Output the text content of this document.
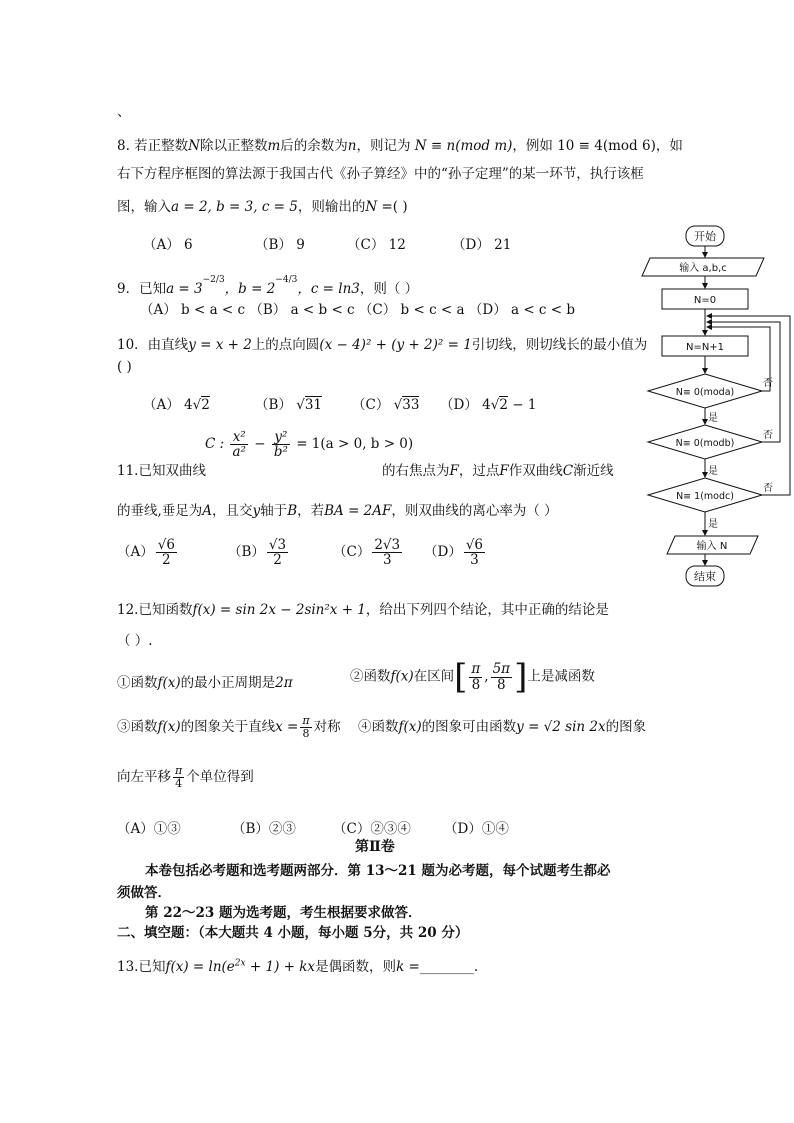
、
8. 若正整数N除以正整数m后的余数为n，则记为 N ≡ n(mod m)，例如 10 ≡ 4(mod 6)，如
右下方程序框图的算法源于我国古代《孙子算经》中的“孙子定理”的某一环节，执行该框
图，输入a = 2, b = 3, c = 5，则输出的N =( )
（A） 6	（B） 9	（C） 12	（D） 21
9．已知$a = 3^{-2/3}$，$b = 2^{-4/3}$，c = ln3，则（ ）
（A） b < a < c （B） a < b < c （C） b < c < a （D） a < c < b
10．由直线y = x + 2上的点向圆(x − 4)² + (y + 2)² = 1引切线，则切线长的最小值为
( )
（A） 4√2	（B） √31 （C） √33 （D） 4√2 − 1
C : $\frac{\text{x²}}{\text{a²}} - \frac{\text{y²}}{\text{b²}} = 1(a > 0$, b > 0)
11.已知双曲线	的右焦点为F，过点F作双曲线C渐近线
的垂线,垂足为A，且交y轴于B，若BA = 2AF，则双曲线的离心率为（ ）
$(A) \frac{√6}{2}$	$(B) \frac{√3}{2}$	$(C) \frac{2√3}{3} (D) \frac{√6}{3}$
12.已知函数f(x) = sin 2x − 2sin²x + 1，给出下列四个结论，其中正确的结论是
（ ）.
①函数f(x)的最小正周期是2π	②函数f(x)在区间[ $\frac{\pi}{8}$ , $\frac{5\pi}{8}$ ]上是减函数
③函数f(x)的图象关于直线$x = \frac{\pi}{8}$ 对称 ④函数f(x)的图象可由函数y = √2 sin 2x的图象
向左平移 $\frac{\pi}{4}$ 个单位得到
（A）①③	（B）②③	（C）②③④ （D）①④
第Ⅱ卷
本卷包括必考题和选考题两部分．第 13～21 题为必考题，每个试题考生都必
须做答．
第 22～23 题为选考题，考生根据要求做答．
二、填空题：（本大题共 4 小题，每小题 5分，共 20 分）
13.已知$f(x) = \ln(e^{2x} + 1)$ + kx是偶函数，则k =________.
开始
输入 a,b,c
N=0
N=N+1
N≡ 0(moda)
N≡ 0(modb)
N≡ 1(modc)
否
否
否
是
是
是
输入 N
结束
